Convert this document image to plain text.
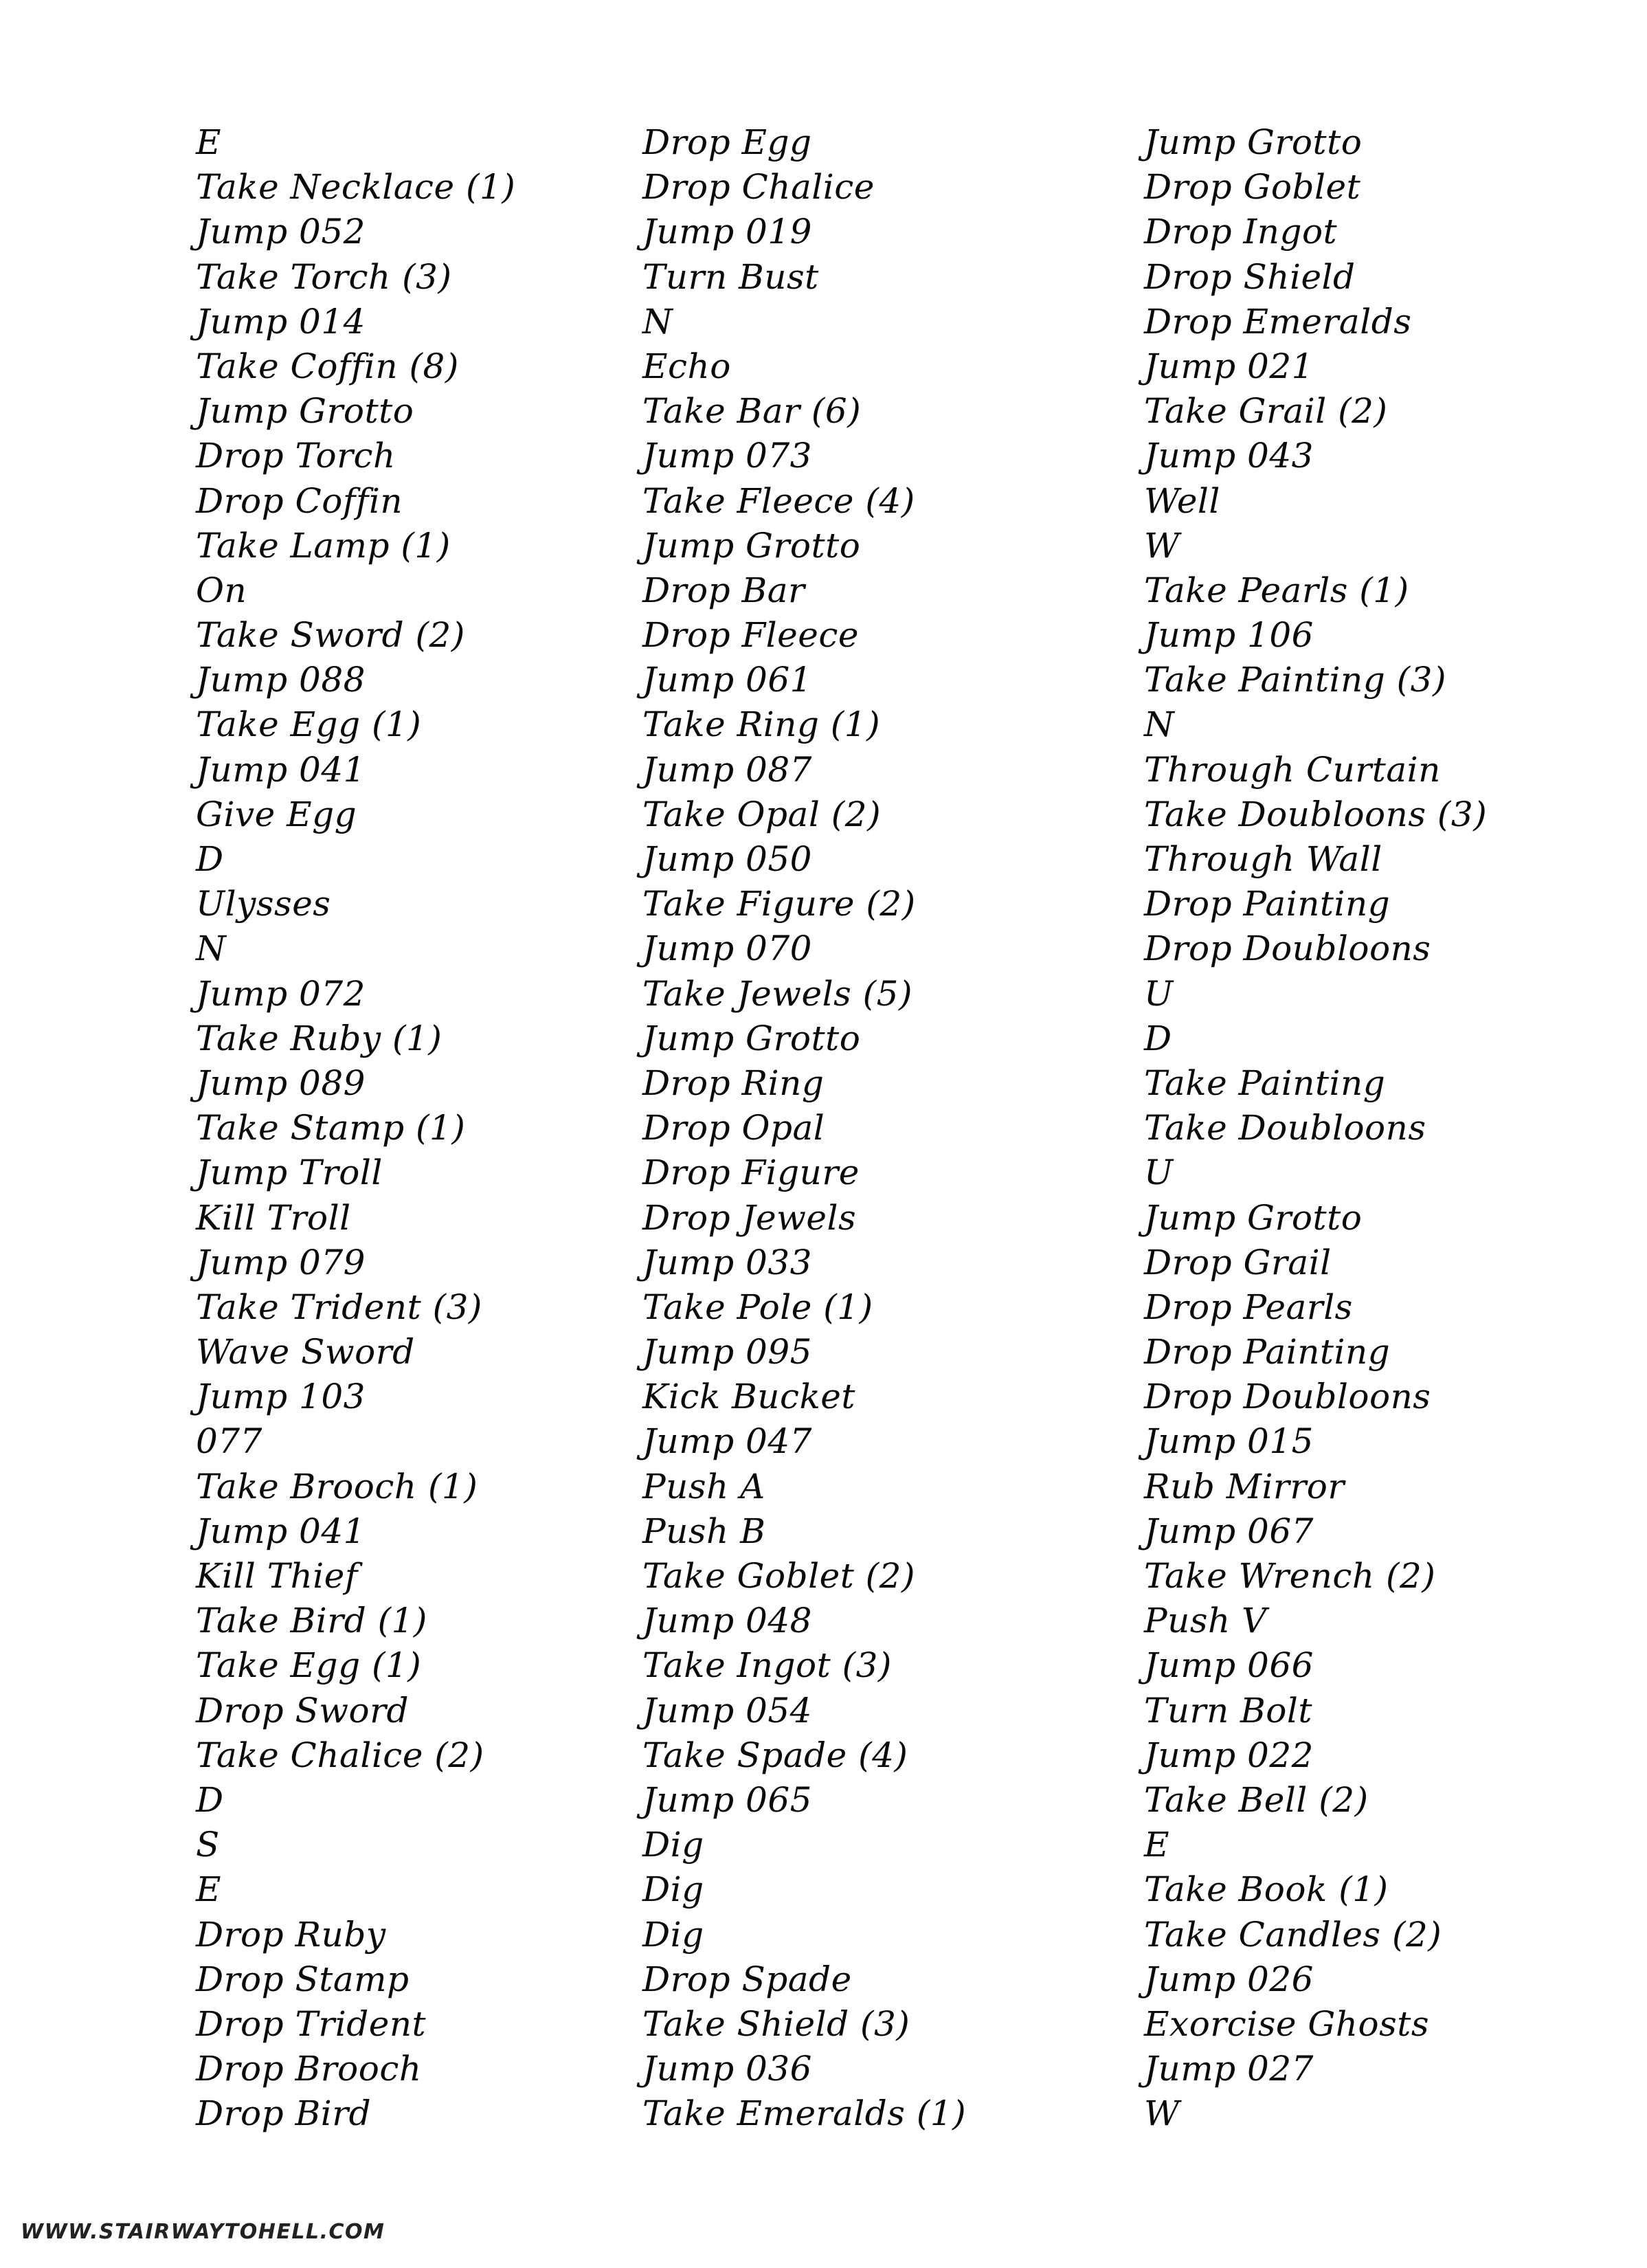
E
Take Necklace (1)
Jump 052
Take Torch (3)
Jump 014
Take Coffin (8)
Jump Grotto
Drop Torch
Drop Coffin
Take Lamp (1)
On
Take Sword (2)
Jump 088
Take Egg (1)
Jump 041
Give Egg
D
Ulysses
N
Jump 072
Take Ruby (1)
Jump 089
Take Stamp (1)
Jump Troll
Kill Troll
Jump 079
Take Trident (3)
Wave Sword
Jump 103
077
Take Brooch (1)
Jump 041
Kill Thief
Take Bird (1)
Take Egg (1)
Drop Sword
Take Chalice (2)
D
S
E
Drop Ruby
Drop Stamp
Drop Trident
Drop Brooch
Drop Bird
Drop Egg
Drop Chalice
Jump 019
Turn Bust
N
Echo
Take Bar (6)
Jump 073
Take Fleece (4)
Jump Grotto
Drop Bar
Drop Fleece
Jump 061
Take Ring (1)
Jump 087
Take Opal (2)
Jump 050
Take Figure (2)
Jump 070
Take Jewels (5)
Jump Grotto
Drop Ring
Drop Opal
Drop Figure
Drop Jewels
Jump 033
Take Pole (1)
Jump 095
Kick Bucket
Jump 047
Push A
Push B
Take Goblet (2)
Jump 048
Take Ingot (3)
Jump 054
Take Spade (4)
Jump 065
Dig
Dig
Dig
Drop Spade
Take Shield (3)
Jump 036
Take Emeralds (1)
Jump Grotto
Drop Goblet
Drop Ingot
Drop Shield
Drop Emeralds
Jump 021
Take Grail (2)
Jump 043
Well
W
Take Pearls (1)
Jump 106
Take Painting (3)
N
Through Curtain
Take Doubloons (3)
Through Wall
Drop Painting
Drop Doubloons
U
D
Take Painting
Take Doubloons
U
Jump Grotto
Drop Grail
Drop Pearls
Drop Painting
Drop Doubloons
Jump 015
Rub Mirror
Jump 067
Take Wrench (2)
Push V
Jump 066
Turn Bolt
Jump 022
Take Bell (2)
E
Take Book (1)
Take Candles (2)
Jump 026
Exorcise Ghosts
Jump 027
W
WWW.STAIRWAYTOHELL.COM
